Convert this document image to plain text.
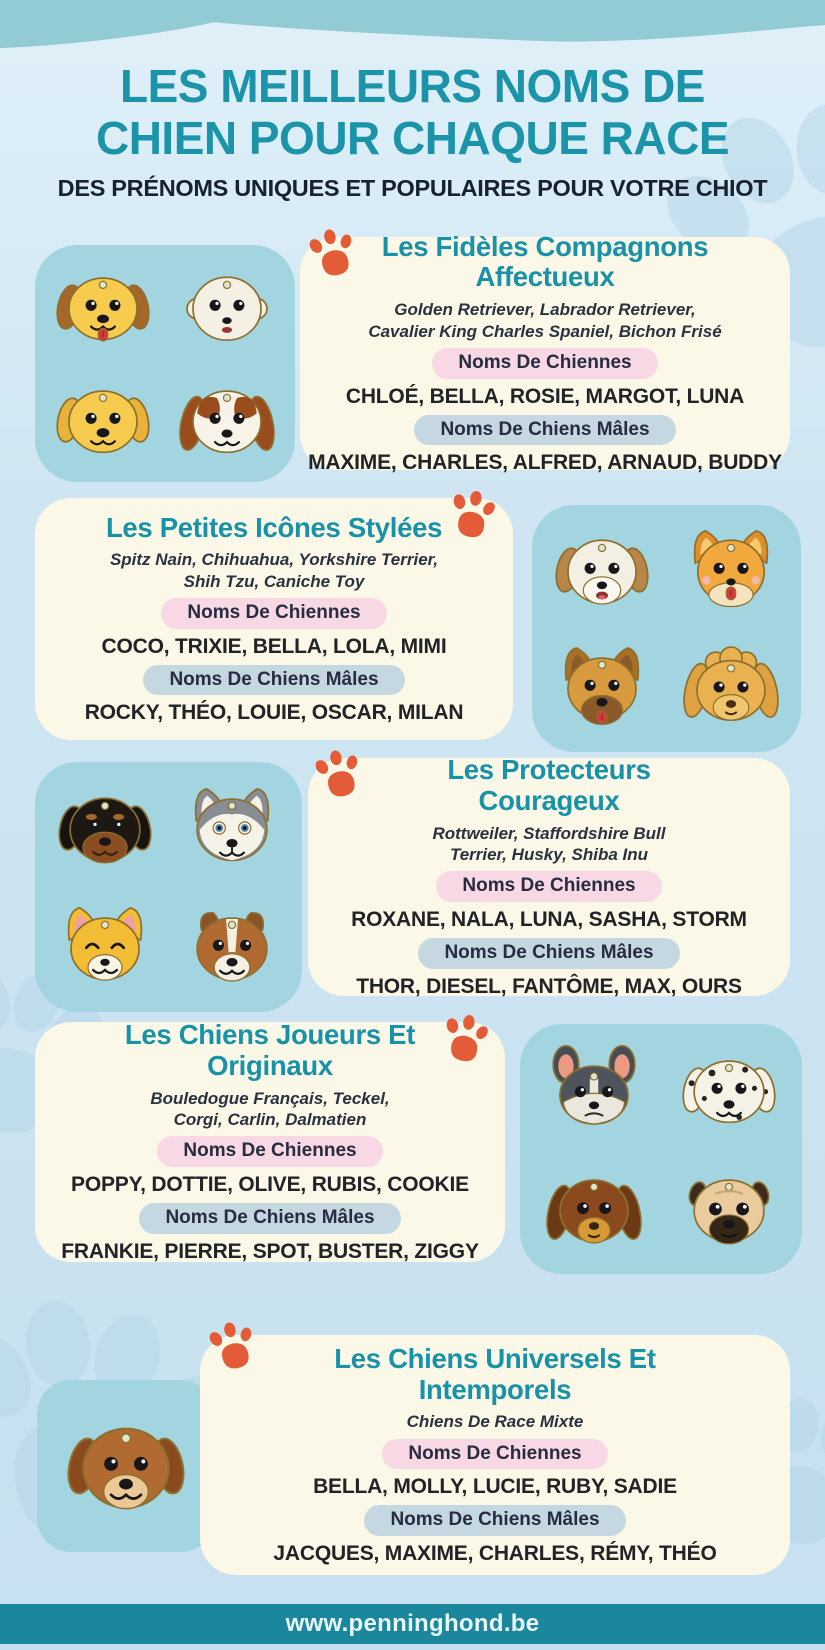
LES MEILLEURS NOMS DE
CHIEN POUR CHAQUE RACE
DES PRÉNOMS UNIQUES ET POPULAIRES POUR VOTRE CHIOT
Les Fidèles Compagnons
Affectueux
Golden Retriever, Labrador Retriever,
Cavalier King Charles Spaniel, Bichon Frisé
Noms De Chiennes
CHLOÉ, BELLA, ROSIE, MARGOT, LUNA
Noms De Chiens Mâles
MAXIME, CHARLES, ALFRED, ARNAUD, BUDDY
Les Petites Icônes Stylées
Spitz Nain, Chihuahua, Yorkshire Terrier,
Shih Tzu, Caniche Toy
Noms De Chiennes
COCO, TRIXIE, BELLA, LOLA, MIMI
Noms De Chiens Mâles
ROCKY, THÉO, LOUIE, OSCAR, MILAN
Les Protecteurs
Courageux
Rottweiler, Staffordshire Bull
Terrier, Husky, Shiba Inu
Noms De Chiennes
ROXANE, NALA, LUNA, SASHA, STORM
Noms De Chiens Mâles
THOR, DIESEL, FANTÔME, MAX, OURS
Les Chiens Joueurs Et
Originaux
Bouledogue Français, Teckel,
Corgi, Carlin, Dalmatien
Noms De Chiennes
POPPY, DOTTIE, OLIVE, RUBIS, COOKIE
Noms De Chiens Mâles
FRANKIE, PIERRE, SPOT, BUSTER, ZIGGY
Les Chiens Universels Et
Intemporels
Chiens De Race Mixte
Noms De Chiennes
BELLA, MOLLY, LUCIE, RUBY, SADIE
Noms De Chiens Mâles
JACQUES, MAXIME, CHARLES, RÉMY, THÉO
www.penninghond.be
